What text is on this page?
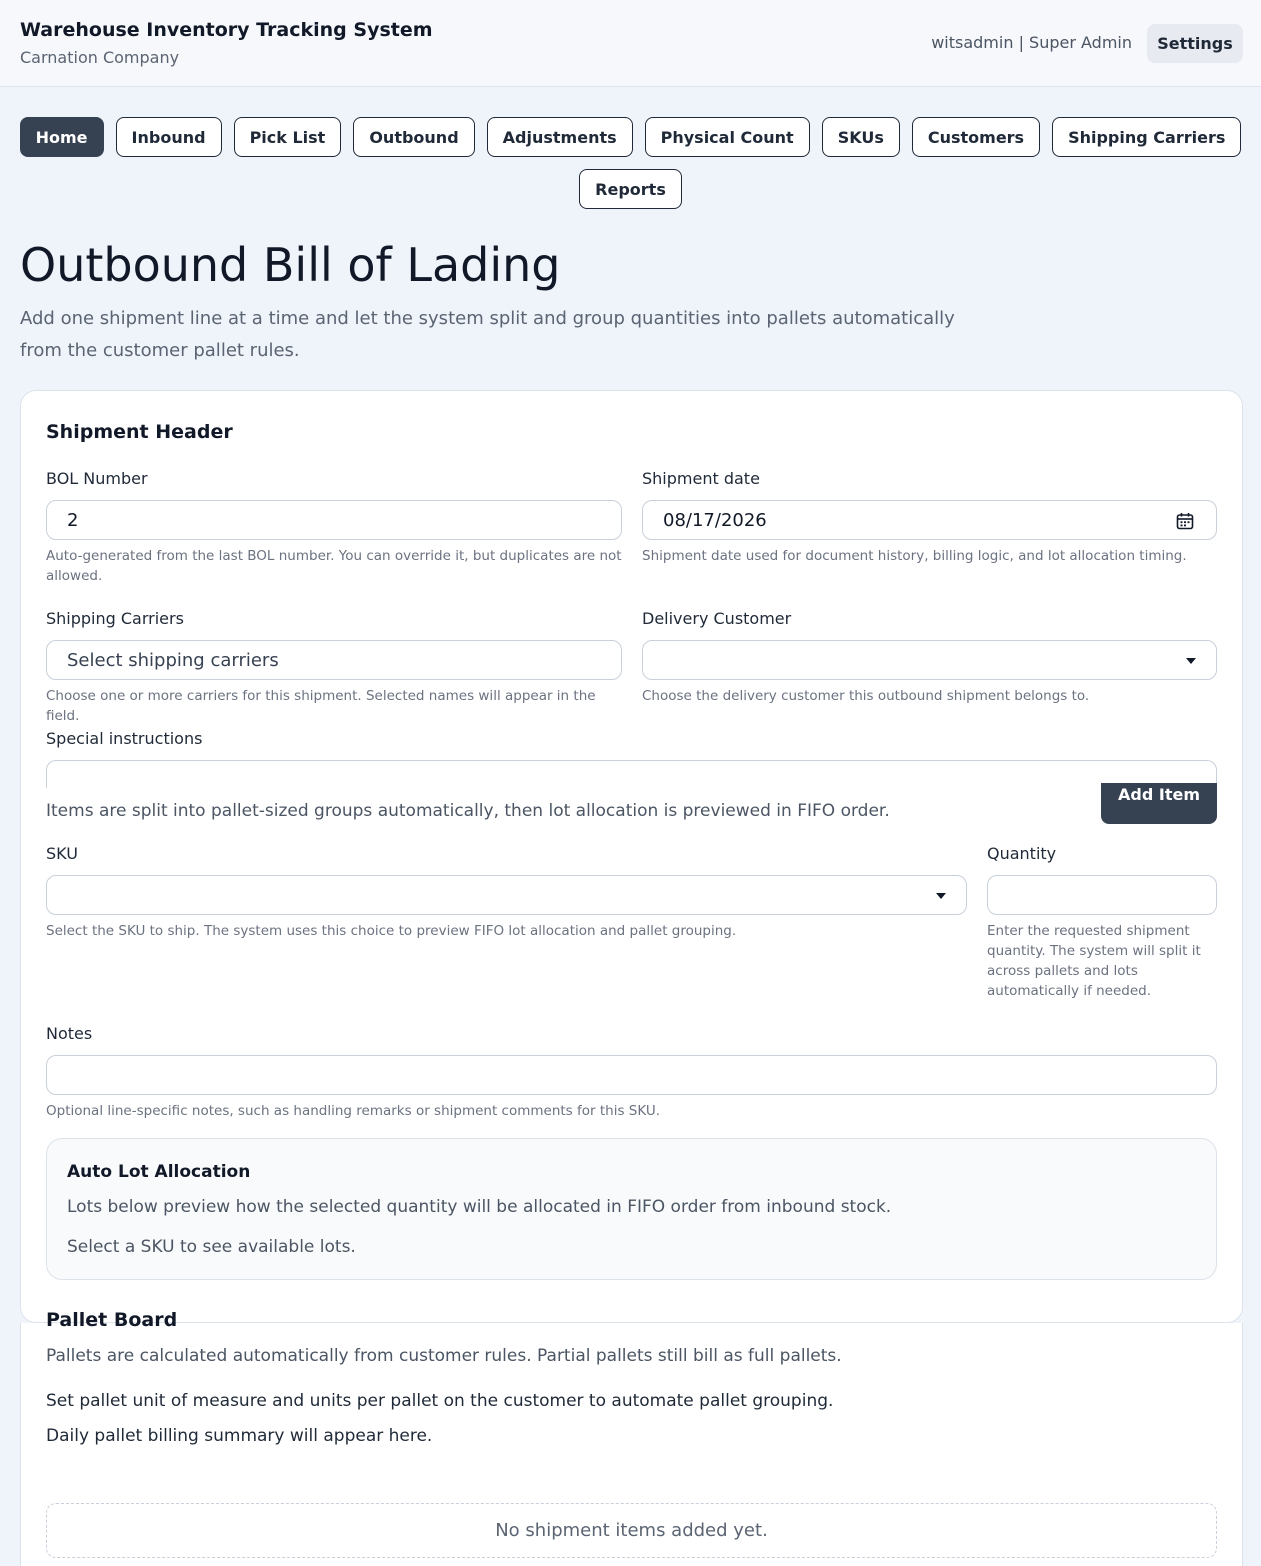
Warehouse Inventory Tracking System
Carnation Company
witsadmin | Super Admin	Settings
Home	Inbound	Pick List	Outbound	Adjustments	Physical Count	SKUs	Customers	Shipping Carriers
Reports
Outbound Bill of Lading

Add one shipment line at a time and let the system split and group quantities into pallets automatically from the customer pallet rules.

Shipment Header
BOL Number
2
Auto-generated from the last BOL number. You can override it, but duplicates are not allowed.
Shipment date
08/17/2026
Shipment date used for document history, billing logic, and lot allocation timing.
Shipping Carriers
Select shipping carriers
Choose one or more carriers for this shipment. Selected names will appear in the field.
Delivery Customer
Choose the delivery customer this outbound shipment belongs to.
Special instructions
Add Item
Items are split into pallet-sized groups automatically, then lot allocation is previewed in FIFO order.
SKU
Select the SKU to ship. The system uses this choice to preview FIFO lot allocation and pallet grouping.
Quantity
Enter the requested shipment quantity. The system will split it across pallets and lots automatically if needed.
Notes
Optional line-specific notes, such as handling remarks or shipment comments for this SKU.
Auto Lot Allocation
Lots below preview how the selected quantity will be allocated in FIFO order from inbound stock.
Select a SKU to see available lots.
Pallet Board
Pallets are calculated automatically from customer rules. Partial pallets still bill as full pallets.
Set pallet unit of measure and units per pallet on the customer to automate pallet grouping.
Daily pallet billing summary will appear here.
No shipment items added yet.
